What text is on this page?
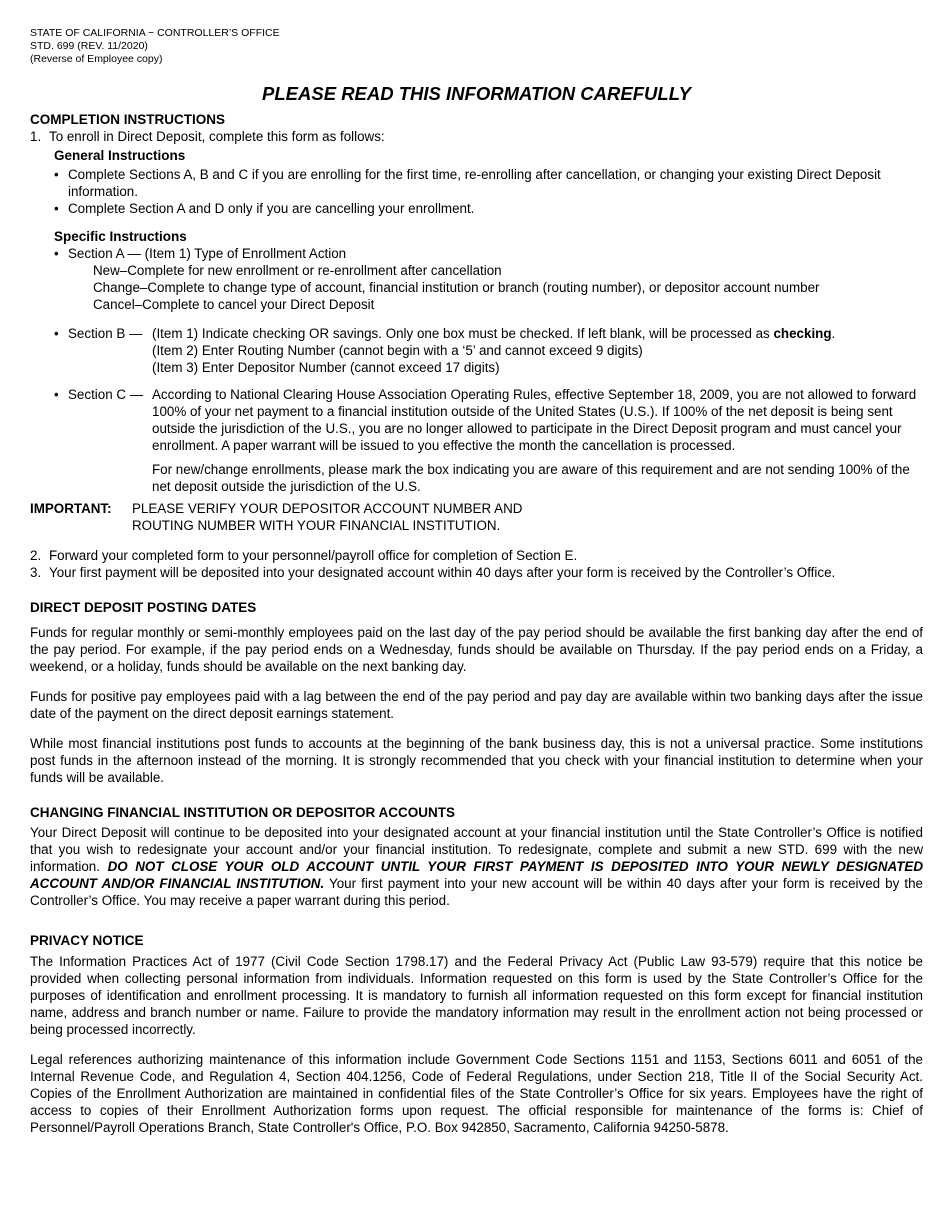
STATE OF CALIFORNIA − CONTROLLER’S OFFICE
STD. 699 (REV. 11/2020)
(Reverse of Employee copy)
PLEASE READ THIS INFORMATION CAREFULLY
COMPLETION INSTRUCTIONS
1. To enroll in Direct Deposit, complete this form as follows:
General Instructions
• Complete Sections A, B and C if you are enrolling for the first time, re-enrolling after cancellation, or changing your existing Direct Deposit information.
• Complete Section A and D only if you are cancelling your enrollment.
Specific Instructions
• Section A — (Item 1) Type of Enrollment Action
New–Complete for new enrollment or re-enrollment after cancellation
Change–Complete to change type of account, financial institution or branch (routing number), or depositor account number
Cancel–Complete to cancel your Direct Deposit
• Section B — (Item 1) Indicate checking OR savings. Only one box must be checked. If left blank, will be processed as checking.
(Item 2) Enter Routing Number (cannot begin with a ‘5’ and cannot exceed 9 digits)
(Item 3) Enter Depositor Number (cannot exceed 17 digits)
• Section C — According to National Clearing House Association Operating Rules, effective September 18, 2009, you are not allowed to forward 100% of your net payment to a financial institution outside of the United States (U.S.). If 100% of the net deposit is being sent outside the jurisdiction of the U.S., you are no longer allowed to participate in the Direct Deposit program and must cancel your enrollment. A paper warrant will be issued to you effective the month the cancellation is processed.
For new/change enrollments, please mark the box indicating you are aware of this requirement and are not sending 100% of the net deposit outside the jurisdiction of the U.S.
IMPORTANT:	PLEASE VERIFY YOUR DEPOSITOR ACCOUNT NUMBER AND
ROUTING NUMBER WITH YOUR FINANCIAL INSTITUTION.
2. Forward your completed form to your personnel/payroll office for completion of Section E.
3. Your first payment will be deposited into your designated account within 40 days after your form is received by the Controller’s Office.
DIRECT DEPOSIT POSTING DATES
Funds for regular monthly or semi-monthly employees paid on the last day of the pay period should be available the first banking day after the end of the pay period. For example, if the pay period ends on a Wednesday, funds should be available on Thursday. If the pay period ends on a Friday, a weekend, or a holiday, funds should be available on the next banking day.
Funds for positive pay employees paid with a lag between the end of the pay period and pay day are available within two banking days after the issue date of the payment on the direct deposit earnings statement.
While most financial institutions post funds to accounts at the beginning of the bank business day, this is not a universal practice. Some institutions post funds in the afternoon instead of the morning. It is strongly recommended that you check with your financial institution to determine when your funds will be available.
CHANGING FINANCIAL INSTITUTION OR DEPOSITOR ACCOUNTS
Your Direct Deposit will continue to be deposited into your designated account at your financial institution until the State Controller’s Office is notified that you wish to redesignate your account and/or your financial institution. To redesignate, complete and submit a new STD. 699 with the new information. DO NOT CLOSE YOUR OLD ACCOUNT UNTIL YOUR FIRST PAYMENT IS DEPOSITED INTO YOUR NEWLY DESIGNATED ACCOUNT AND/OR FINANCIAL INSTITUTION. Your first payment into your new account will be within 40 days after your form is received by the Controller’s Office. You may receive a paper warrant during this period.
PRIVACY NOTICE
The Information Practices Act of 1977 (Civil Code Section 1798.17) and the Federal Privacy Act (Public Law 93-579) require that this notice be provided when collecting personal information from individuals. Information requested on this form is used by the State Controller’s Office for the purposes of identification and enrollment processing. It is mandatory to furnish all information requested on this form except for financial institution name, address and branch number or name. Failure to provide the mandatory information may result in the enrollment action not being processed or being processed incorrectly.
Legal references authorizing maintenance of this information include Government Code Sections 1151 and 1153, Sections 6011 and 6051 of the Internal Revenue Code, and Regulation 4, Section 404.1256, Code of Federal Regulations, under Section 218, Title II of the Social Security Act. Copies of the Enrollment Authorization are maintained in confidential files of the State Controller’s Office for six years. Employees have the right of access to copies of their Enrollment Authorization forms upon request. The official responsible for maintenance of the forms is: Chief of Personnel/Payroll Operations Branch, State Controller's Office, P.O. Box 942850, Sacramento, California 94250-5878.
